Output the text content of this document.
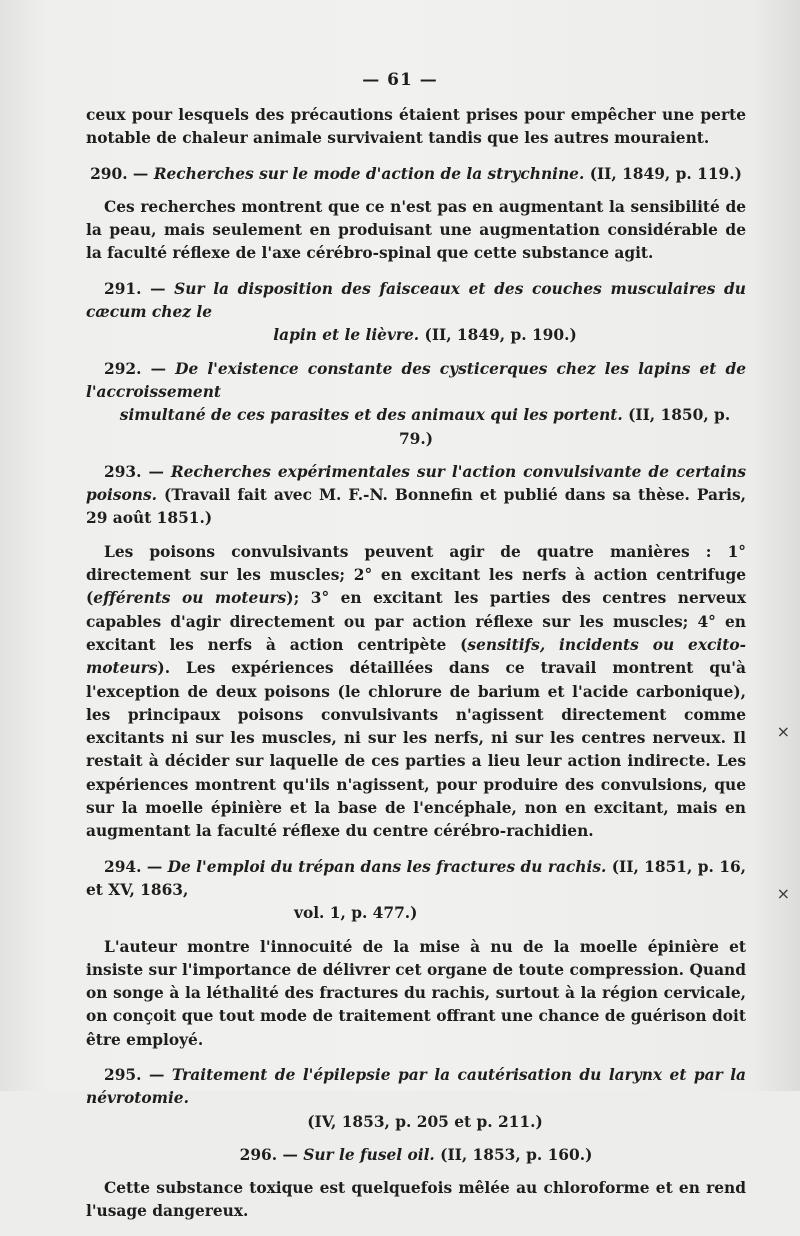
— 61 —

ceux pour lesquels des précautions étaient prises pour empêcher une perte notable de chaleur animale survivaient tandis que les autres mouraient.

290. — Recherches sur le mode d'action de la strychnine. (II, 1849, p. 119.)

Ces recherches montrent que ce n'est pas en augmentant la sensibilité de la peau, mais seulement en produisant une augmentation considérable de la faculté réflexe de l'axe cérébro-spinal que cette substance agit.

291. — Sur la disposition des faisceaux et des couches musculaires du cæcum chez le
lapin et le lièvre. (II, 1849, p. 190.)

292. — De l'existence constante des cysticerques chez les lapins et de l'accroissement
simultané de ces parasites et des animaux qui les portent. (II, 1850, p. 79.)

293. — Recherches expérimentales sur l'action convulsivante de certains poisons. (Travail fait avec M. F.-N. Bonnefin et publié dans sa thèse. Paris, 29 août 1851.)

Les poisons convulsivants peuvent agir de quatre manières : 1° directement sur les muscles; 2° en excitant les nerfs à action centrifuge (efférents ou moteurs); 3° en excitant les parties des centres nerveux capables d'agir directement ou par action réflexe sur les muscles; 4° en excitant les nerfs à action centripète (sensitifs, incidents ou excito-moteurs). Les expériences détaillées dans ce travail montrent qu'à l'exception de deux poisons (le chlorure de barium et l'acide carbonique), les principaux poisons convulsivants n'agissent directement comme excitants ni sur les muscles, ni sur les nerfs, ni sur les centres nerveux. Il restait à décider sur laquelle de ces parties a lieu leur action indirecte. Les expériences montrent qu'ils n'agissent, pour produire des convulsions, que sur la moelle épinière et la base de l'encéphale, non en excitant, mais en augmentant la faculté réflexe du centre cérébro-rachidien.

294. — De l'emploi du trépan dans les fractures du rachis. (II, 1851, p. 16, et XV, 1863,
vol. 1, p. 477.)

L'auteur montre l'innocuité de la mise à nu de la moelle épinière et insiste sur l'importance de délivrer cet organe de toute compression. Quand on songe à la léthalité des fractures du rachis, surtout à la région cervicale, on conçoit que tout mode de traitement offrant une chance de guérison doit être employé.

295. — Traitement de l'épilepsie par la cautérisation du larynx et par la névrotomie.
(IV, 1853, p. 205 et p. 211.)

296. — Sur le fusel oil. (II, 1853, p. 160.)

Cette substance toxique est quelquefois mêlée au chloroforme et en rend l'usage dangereux.

×
×
